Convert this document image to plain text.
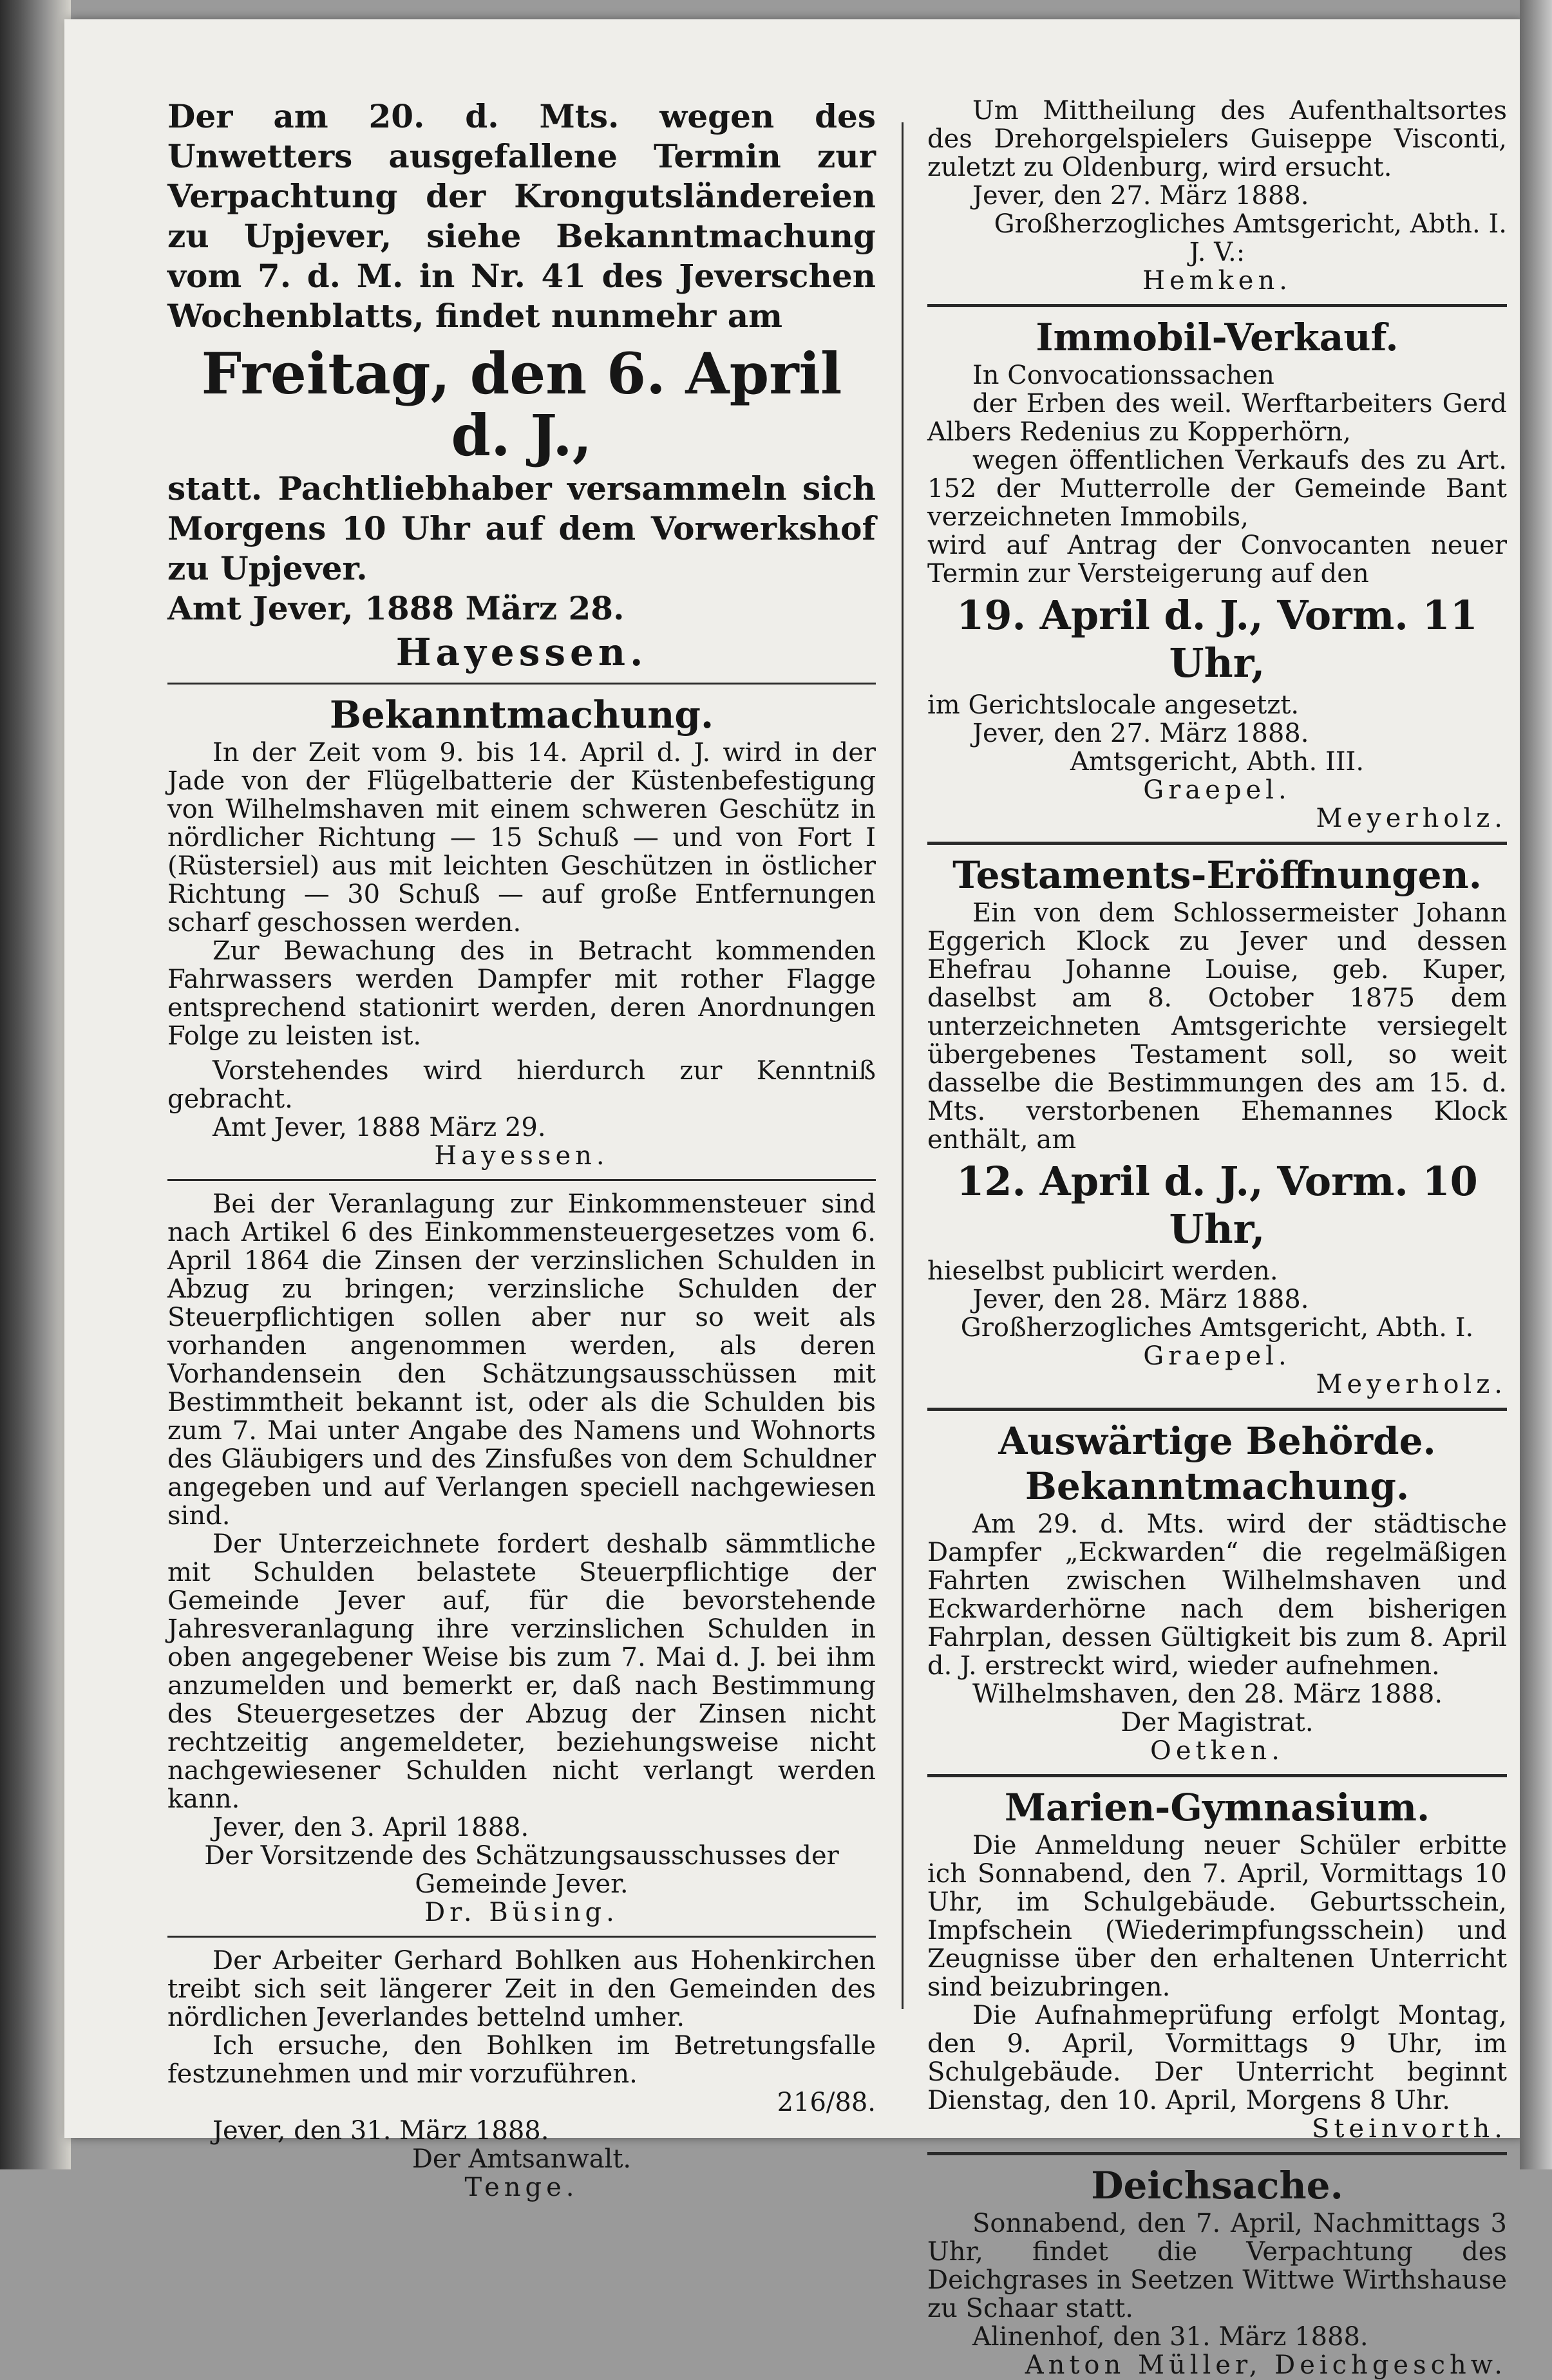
Der am 20. d. Mts. wegen des Unwetters ausgefallene Termin zur Verpachtung der Krongutsländereien zu Upjever, siehe Bekanntmachung vom 7. d. M. in Nr. 41 des Jeverschen Wochenblatts, findet nunmehr am

Freitag, den 6. April d. J.,

statt. Pachtliebhaber versammeln sich Morgens 10 Uhr auf dem Vorwerkshof zu Upjever.

Amt Jever, 1888 März 28.

Hayessen.

Bekanntmachung.

In der Zeit vom 9. bis 14. April d. J. wird in der Jade von der Flügelbatterie der Küstenbefestigung von Wilhelmshaven mit einem schweren Geschütz in nördlicher Richtung — 15 Schuß — und von Fort I (Rüstersiel) aus mit leichten Geschützen in östlicher Richtung — 30 Schuß — auf große Entfernungen scharf geschossen werden.

Zur Bewachung des in Betracht kommenden Fahrwassers werden Dampfer mit rother Flagge entsprechend stationirt werden, deren Anordnungen Folge zu leisten ist.

Vorstehendes wird hierdurch zur Kenntniß gebracht.

Amt Jever, 1888 März 29.

Hayessen.

Bei der Veranlagung zur Einkommensteuer sind nach Artikel 6 des Einkommensteuergesetzes vom 6. April 1864 die Zinsen der verzinslichen Schulden in Abzug zu bringen; verzinsliche Schulden der Steuerpflichtigen sollen aber nur so weit als vorhanden angenommen werden, als deren Vorhandensein den Schätzungsausschüssen mit Bestimmtheit bekannt ist, oder als die Schulden bis zum 7. Mai unter Angabe des Namens und Wohnorts des Gläubigers und des Zinsfußes von dem Schuldner angegeben und auf Verlangen speciell nachgewiesen sind.

Der Unterzeichnete fordert deshalb sämmtliche mit Schulden belastete Steuerpflichtige der Gemeinde Jever auf, für die bevorstehende Jahresveranlagung ihre verzinslichen Schulden in oben angegebener Weise bis zum 7. Mai d. J. bei ihm anzumelden und bemerkt er, daß nach Bestimmung des Steuergesetzes der Abzug der Zinsen nicht rechtzeitig angemeldeter, beziehungsweise nicht nachgewiesener Schulden nicht verlangt werden kann.

Jever, den 3. April 1888.

Der Vorsitzende des Schätzungsausschusses der Gemeinde Jever.

Dr. Büsing.

Der Arbeiter Gerhard Bohlken aus Hohenkirchen treibt sich seit längerer Zeit in den Gemeinden des nördlichen Jeverlandes bettelnd umher.

Ich ersuche, den Bohlken im Betretungsfalle festzunehmen und mir vorzuführen.

216/88.

Jever, den 31. März 1888.

Der Amtsanwalt.

Tenge.

Um Mittheilung des Aufenthaltsortes des Drehorgelspielers Guiseppe Visconti, zuletzt zu Oldenburg, wird ersucht.

Jever, den 27. März 1888.

Großherzogliches Amtsgericht, Abth. I.

J. V.:

Hemken.

Immobil-Verkauf.

In Convocationssachen

der Erben des weil. Werftarbeiters Gerd Albers Redenius zu Kopperhörn,

wegen öffentlichen Verkaufs des zu Art. 152 der Mutterrolle der Gemeinde Bant verzeichneten Immobils,

wird auf Antrag der Convocanten neuer Termin zur Versteigerung auf den

19. April d. J., Vorm. 11 Uhr,

im Gerichtslocale angesetzt.

Jever, den 27. März 1888.

Amtsgericht, Abth. III.

Graepel.

Meyerholz.

Testaments-Eröffnungen.

Ein von dem Schlossermeister Johann Eggerich Klock zu Jever und dessen Ehefrau Johanne Louise, geb. Kuper, daselbst am 8. October 1875 dem unterzeichneten Amtsgerichte versiegelt übergebenes Testament soll, so weit dasselbe die Bestimmungen des am 15. d. Mts. verstorbenen Ehemannes Klock enthält, am

12. April d. J., Vorm. 10 Uhr,

hieselbst publicirt werden.

Jever, den 28. März 1888.

Großherzogliches Amtsgericht, Abth. I.

Graepel.

Meyerholz.

Auswärtige Behörde.

Bekanntmachung.

Am 29. d. Mts. wird der städtische Dampfer „Eckwarden“ die regelmäßigen Fahrten zwischen Wilhelmshaven und Eckwarderhörne nach dem bisherigen Fahrplan, dessen Gültigkeit bis zum 8. April d. J. erstreckt wird, wieder aufnehmen.

Wilhelmshaven, den 28. März 1888.

Der Magistrat.

Oetken.

Marien-Gymnasium.

Die Anmeldung neuer Schüler erbitte ich Sonnabend, den 7. April, Vormittags 10 Uhr, im Schulgebäude. Geburtsschein, Impfschein (Wiederimpfungsschein) und Zeugnisse über den erhaltenen Unterricht sind beizubringen.

Die Aufnahmeprüfung erfolgt Montag, den 9. April, Vormittags 9 Uhr, im Schulgebäude. Der Unterricht beginnt Dienstag, den 10. April, Morgens 8 Uhr.

Steinvorth.

Deichsache.

Sonnabend, den 7. April, Nachmittags 3 Uhr, findet die Verpachtung des Deichgrases in Seetzen Wittwe Wirthshause zu Schaar statt.

Alinenhof, den 31. März 1888.

Anton Müller, Deichgeschw.
